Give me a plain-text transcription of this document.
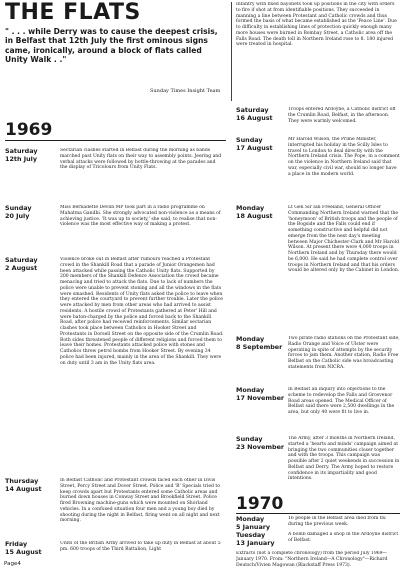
THE FLATS
" . . . while Derry was to cause the deepest crisis, in Belfast that 12th July the first ominous signs came, ironically, around a block of flats called Unity Walk . ."
Sunday Times Insight Team
1969
Saturday
12th July
Sectarian clashes started in Belfast during the morning as bands marched past Unity flats on their way to assembly points. Jeering and verbal attacks were followed by bottle-throwing at the parades and the display of Tricolours from Unity Flats.
Sunday
20 July
Miss Bernadette Devlin MP took part in a radio programme on Mahatma Gandhi. She strongly advocated non-violence as a means of achieving justice. 'It was up to society,' she said, to realise that non-violence was the most effective way of making a protest.
Saturday
2 August
Violence broke out in Belfast after rumours reached a Protestant crowd in the Shankill Road that a parade of Junior Orangemen had been attacked while passing the Catholic Unity flats. Supported by 200 members of the Shankill Defence Association the crowd became menacing and tried to attack the flats. Due to lack of numbers the police were unable to prevent stoning and all the windows in the flats were smashed. Residents of Unity flats asked the police to leave when they entered the courtyard to prevent further trouble. Later the police were attacked by men from other areas who had arrived to assist residents. A hostile crowd of Protestants gathered at Peter' Hill and were baton-charged by the police and forced back to the Shankill Road, after police had received reinforcements. Similar sectarian clashes took place between Catholics in Hooker Street and Protestants in Dorsell Street on the opposite side of the Crumlin Road. Both sides threatened people of different religions and forced them to leave their homes. Protestants attacked police with stones and Catholics threw petrol bombs from Hooker Street. By evening 34 police had been injured, mainly in the area of the Shankill. They were on duty until 3 am in the Unity flats area.
Thursday
14 August
In Belfast Catholic and Protestant crowds faced each other in Divis Street, Percy Street and Dover Street. Police and 'B' Specials tried to keep crowds apart but Protestants entered some Catholic areas and burned down houses in Conway Street and Brookfield Street. Police fired Browning machine-guns which were mounted on Shorland vehicles. In a confused situation four men and a young boy died by shooting during the night in Belfast, firing went on all night and next morning.
Friday
15 August
Units of the British Army arrived to take up duty in Belfast at about 5 pm. 600 troops of the Third Battalion, Light
Page4
Infantry with fixed bayonets took up positions in the city with orders to fire if shot at from identifiable positions. They succeeded in manning a line between Protestant and Catholic crowds and thus formed the basis of what became established as the 'Peace Line'. Due to difficulty in establishing lines of protection quickly enough many more houses were burned in Bombay Street, a Catholic area off the Falls Road. The death toll in Northern Ireland rose to 8. 180 injured were treated in hospital.
Saturday
16 August
Troops entered Ardoyne, a Catholic district off the Crumlin Road, Belfast, in the afternoon. They were warmly welcomed.
Sunday
17 August
Mr Harold Wilson, the Prime Minister, interrupted his holiday in the Scilly Isles to travel to London to deal directly with the Northern Ireland crisis. The Pope, in a comment on the violence in Northern Ireland said that war, especially civil war, should no longer have a place in the modern world.
Monday
18 August
Lt Gen Sir Ian Freeland, General Officer Commanding Northern Ireland warned that the 'honeymoon' of British troops and the people of the Bogside and the Falls could end if something constructive and helpful did not emerge from the the next day's meeting between Major Chichester-Clark and Mr Harold Wilson. At present there were 4,000 troops in Northern Ireland and by Thursday there would be 6,000. He said he had complete control over troops in Northern Ireland and that his orders would be altered only by the Cabinet in London.
Monday
8 September
Two pirate radio stations on the Protestant side, Radio Orange and Voice of Ulster were operating in spite of attempts by the security forces to jam them. Another station, Radio Free Belfast on the Catholic side was broadcasting statements from NICRA.
Monday
17 November
In Belfast an inquiry into objections to the scheme to redevelop the Falls and Grosvenor Road areas opened. The Medical Officer of Belfast said there were 2,500 dwellings in the area, but only 40 were fit to live in.
Sunday
23 November
The Army, after 3 months in Northern Ireland, started a 'hearts and minds' campaign aimed at bringing the two communities closer together and with the troops. This campaign was possible after 2 quiet weekends in succession in Belfast and Derry. The Army hoped to restore confidence in its impartiality and good intentions.
1970
Monday
5 January
16 people in the Belfast area died from flu during the previous week.
Tuesday
13 January
A bomb damaged a shop in the Ardoyne district of Belfast.
Extracts (not a complete chronology) from the period July 1969—January 1970. From: "Northern Ireland—A Chronology"—Richard Deutsch/Vivien Magowan (Blackstaff Press 1973).
